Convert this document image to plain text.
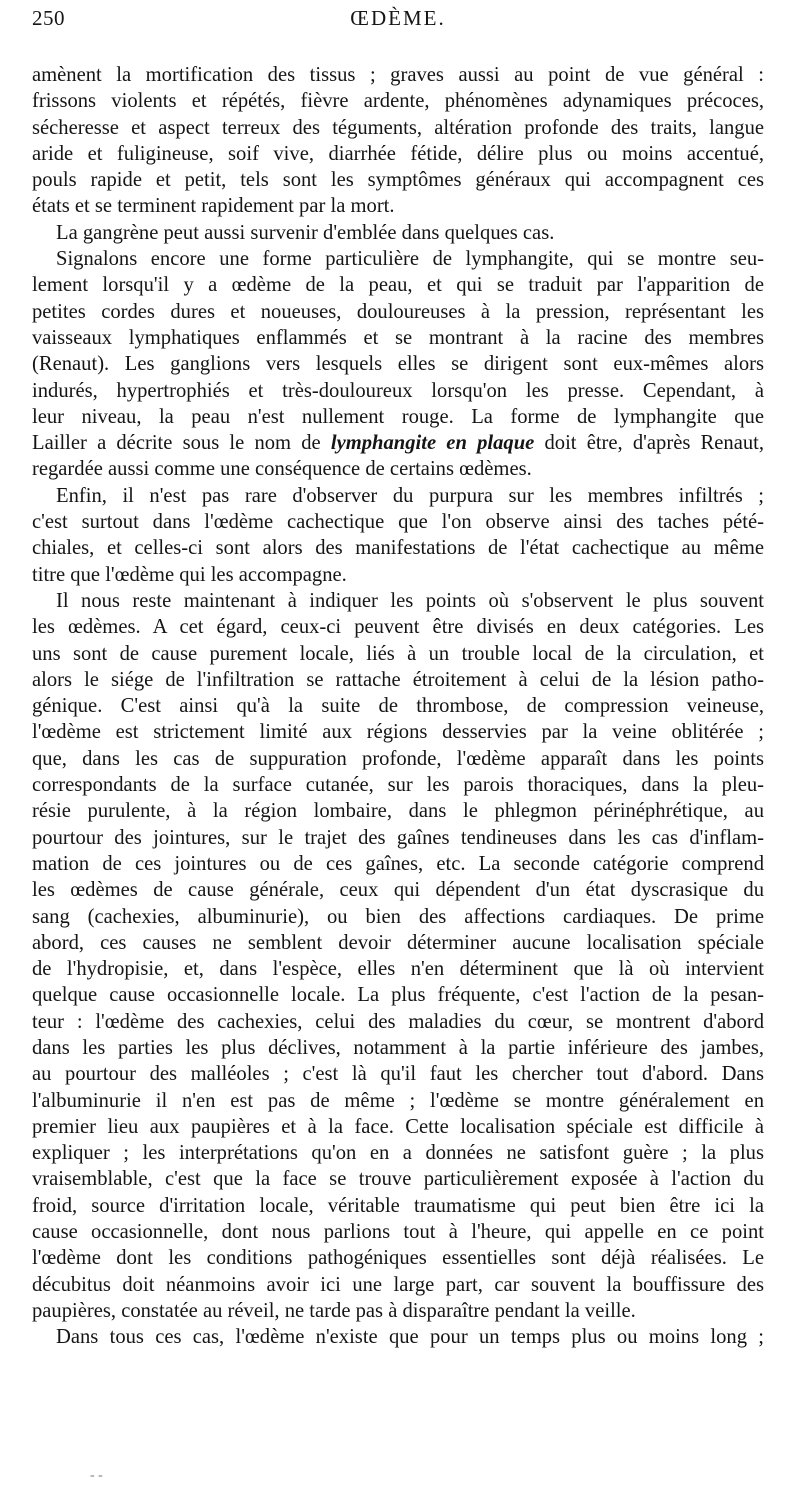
250	ŒDÈME.

amènent la mortification des tissus ; graves aussi au point de vue général :
frissons violents et répétés, fièvre ardente, phénomènes adynamiques précoces,
sécheresse et aspect terreux des téguments, altération profonde des traits, langue
aride et fuligineuse, soif vive, diarrhée fétide, délire plus ou moins accentué,
pouls rapide et petit, tels sont les symptômes généraux qui accompagnent ces
états et se terminent rapidement par la mort.

La gangrène peut aussi survenir d'emblée dans quelques cas.

Signalons encore une forme particulière de lymphangite, qui se montre seu-
lement lorsqu'il y a œdème de la peau, et qui se traduit par l'apparition de
petites cordes dures et noueuses, douloureuses à la pression, représentant les
vaisseaux lymphatiques enflammés et se montrant à la racine des membres
(Renaut). Les ganglions vers lesquels elles se dirigent sont eux-mêmes alors
indurés, hypertrophiés et très-douloureux lorsqu'on les presse. Cependant, à
leur niveau, la peau n'est nullement rouge. La forme de lymphangite que
Lailler a décrite sous le nom de lymphangite en plaque doit être, d'après Renaut,
regardée aussi comme une conséquence de certains œdèmes.

Enfin, il n'est pas rare d'observer du purpura sur les membres infiltrés ;
c'est surtout dans l'œdème cachectique que l'on observe ainsi des taches pété-
chiales, et celles-ci sont alors des manifestations de l'état cachectique au même
titre que l'œdème qui les accompagne.

Il nous reste maintenant à indiquer les points où s'observent le plus souvent
les œdèmes. A cet égard, ceux-ci peuvent être divisés en deux catégories. Les
uns sont de cause purement locale, liés à un trouble local de la circulation, et
alors le siége de l'infiltration se rattache étroitement à celui de la lésion patho-
génique. C'est ainsi qu'à la suite de thrombose, de compression veineuse,
l'œdème est strictement limité aux régions desservies par la veine oblitérée ;
que, dans les cas de suppuration profonde, l'œdème apparaît dans les points
correspondants de la surface cutanée, sur les parois thoraciques, dans la pleu-
résie purulente, à la région lombaire, dans le phlegmon périnéphrétique, au
pourtour des jointures, sur le trajet des gaînes tendineuses dans les cas d'inflam-
mation de ces jointures ou de ces gaînes, etc. La seconde catégorie comprend
les œdèmes de cause générale, ceux qui dépendent d'un état dyscrasique du
sang (cachexies, albuminurie), ou bien des affections cardiaques. De prime
abord, ces causes ne semblent devoir déterminer aucune localisation spéciale
de l'hydropisie, et, dans l'espèce, elles n'en déterminent que là où intervient
quelque cause occasionnelle locale. La plus fréquente, c'est l'action de la pesan-
teur : l'œdème des cachexies, celui des maladies du cœur, se montrent d'abord
dans les parties les plus déclives, notamment à la partie inférieure des jambes,
au pourtour des malléoles ; c'est là qu'il faut les chercher tout d'abord. Dans
l'albuminurie il n'en est pas de même ; l'œdème se montre généralement en
premier lieu aux paupières et à la face. Cette localisation spéciale est difficile à
expliquer ; les interprétations qu'on en a données ne satisfont guère ; la plus
vraisemblable, c'est que la face se trouve particulièrement exposée à l'action du
froid, source d'irritation locale, véritable traumatisme qui peut bien être ici la
cause occasionnelle, dont nous parlions tout à l'heure, qui appelle en ce point
l'œdème dont les conditions pathogéniques essentielles sont déjà réalisées. Le
décubitus doit néanmoins avoir ici une large part, car souvent la bouffissure des
paupières, constatée au réveil, ne tarde pas à disparaître pendant la veille.

Dans tous ces cas, l'œdème n'existe que pour un temps plus ou moins long ;

- -
